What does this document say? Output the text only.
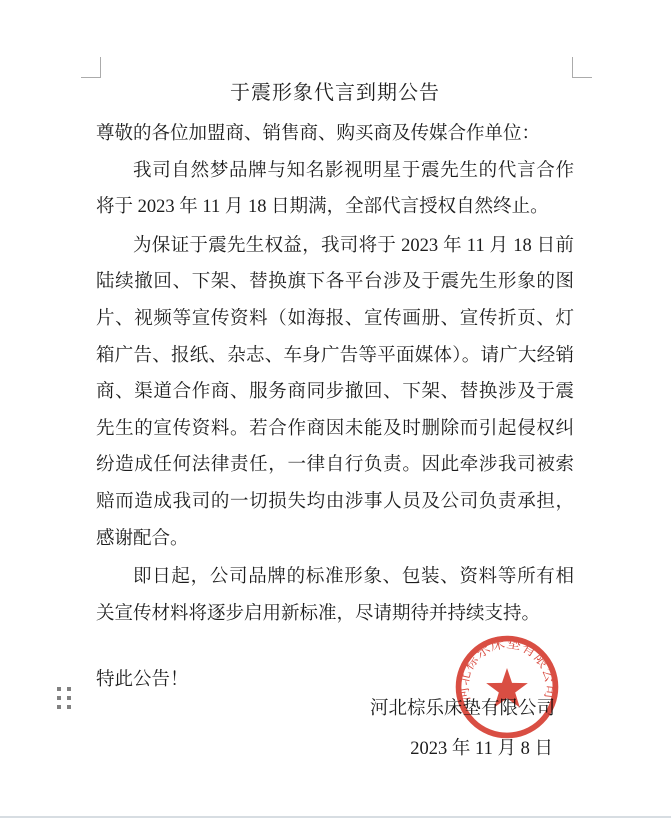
于震形象代言到期公告

尊敬的各位加盟商、销售商、购买商及传媒合作单位：

我司自然梦品牌与知名影视明星于震先生的代言合作将于 2023 年 11 月 18 日期满，全部代言授权自然终止。

为保证于震先生权益，我司将于 2023 年 11 月 18 日前陆续撤回、下架、替换旗下各平台涉及于震先生形象的图片、视频等宣传资料（如海报、宣传画册、宣传折页、灯箱广告、报纸、杂志、车身广告等平面媒体）。请广大经销商、渠道合作商、服务商同步撤回、下架、替换涉及于震先生的宣传资料。若合作商因未能及时删除而引起侵权纠纷造成任何法律责任，一律自行负责。因此牵涉我司被索赔而造成我司的一切损失均由涉事人员及公司负责承担，感谢配合。

即日起，公司品牌的标准形象、包装、资料等所有相关宣传材料将逐步启用新标准，尽请期待并持续支持。

特此公告！

河北棕乐床垫有限公司

2023 年 11 月 8 日

河北棕乐床垫有限公司
